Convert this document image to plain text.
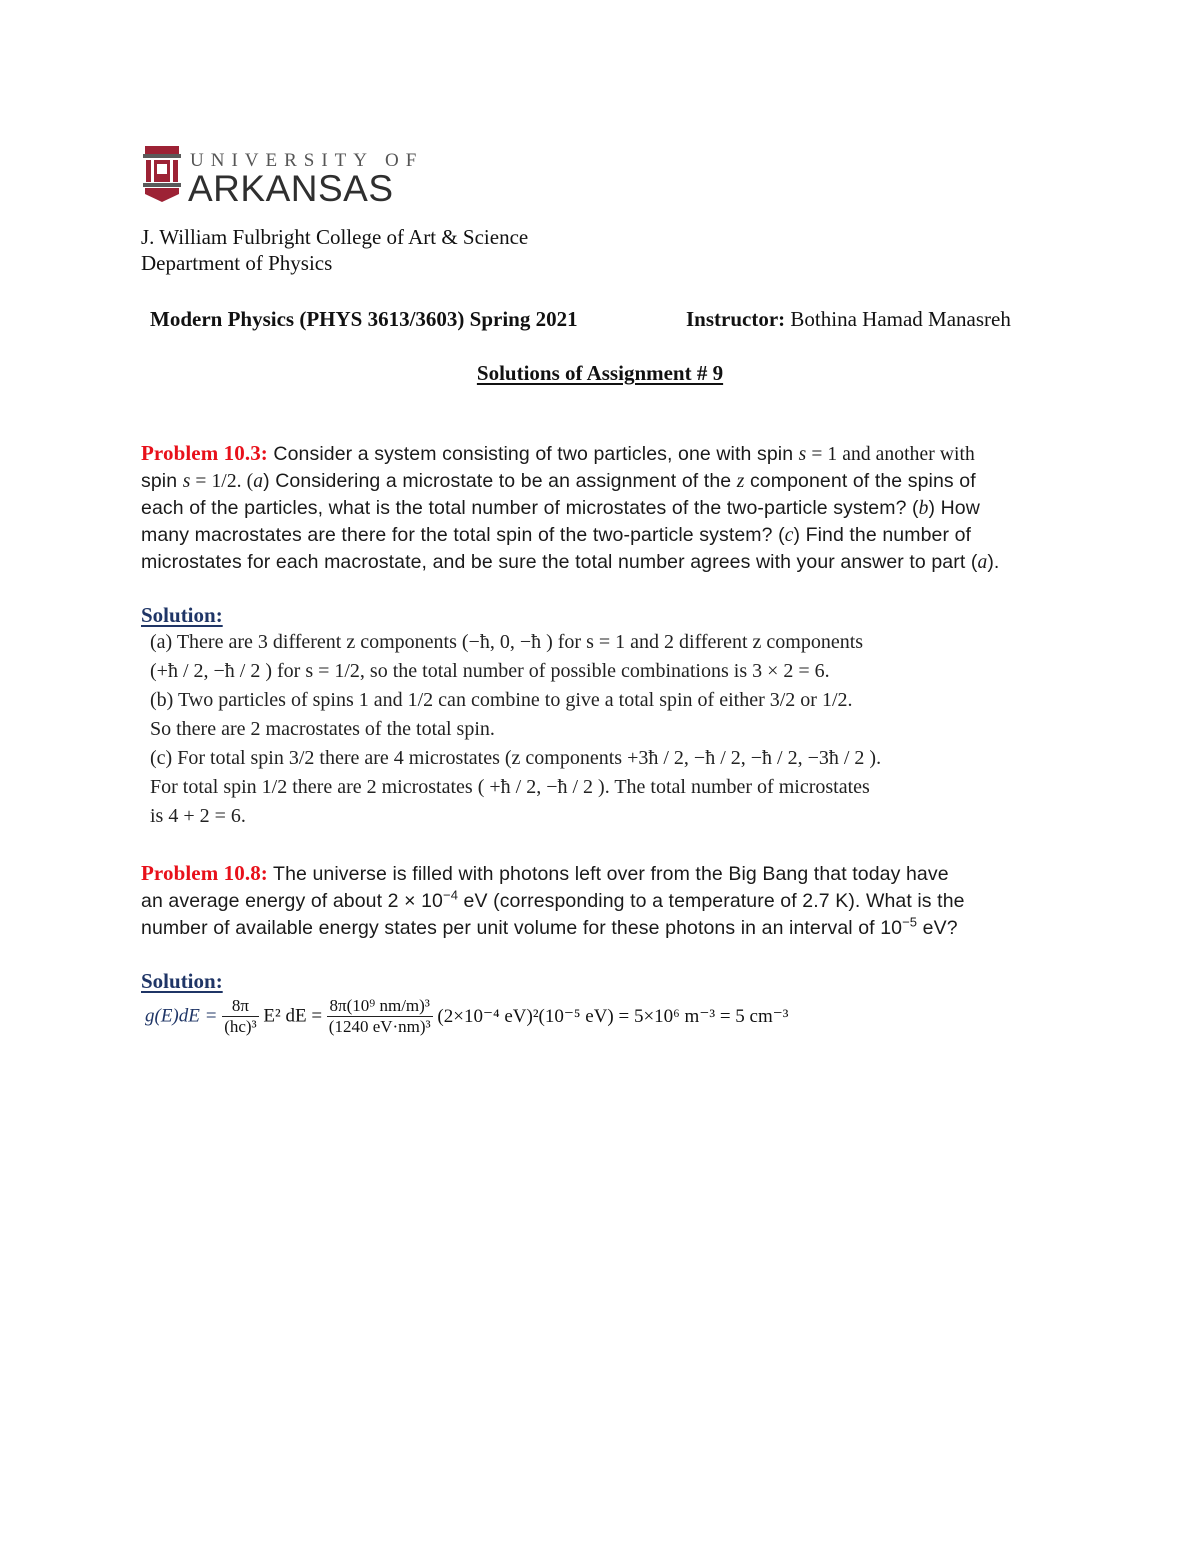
UNIVERSITY OF
ARKANSAS
J. William Fulbright College of Art & Science
Department of Physics
Modern Physics (PHYS 3613/3603) Spring 2021	Instructor: Bothina Hamad Manasreh
Solutions of Assignment # 9
Problem 10.3: Consider a system consisting of two particles, one with spin s = 1 and another with
spin s = 1/2. (a) Considering a microstate to be an assignment of the z component of the spins of
each of the particles, what is the total number of microstates of the two-particle system? (b) How
many macrostates are there for the total spin of the two-particle system? (c) Find the number of
microstates for each macrostate, and be sure the total number agrees with your answer to part (a).
Solution:
(a) There are 3 different z components (−ħ, 0, −ħ ) for s = 1 and 2 different z components
(+ħ / 2, −ħ / 2 ) for s = 1/2, so the total number of possible combinations is 3 × 2 = 6.
(b) Two particles of spins 1 and 1/2 can combine to give a total spin of either 3/2 or 1/2.
So there are 2 macrostates of the total spin.
(c) For total spin 3/2 there are 4 microstates (z components +3ħ / 2, −ħ / 2, −ħ / 2, −3ħ / 2 ).
For total spin 1/2 there are 2 microstates ( +ħ / 2, −ħ / 2 ). The total number of microstates
is 4 + 2 = 6.
Problem 10.8: The universe is filled with photons left over from the Big Bang that today have
an average energy of about $2 \times 10^{-4}$ eV (corresponding to a temperature of 2.7 K). What is the
number of available energy states per unit volume for these photons in an interval of $10^{-5}$ eV?
Solution:
$g(E)dE = \frac{8\pi}{\text{(hc)³}} E^2$ dE = $\frac{\text{8π(10⁹ nm/m)³}}{\text{(1240 eV·nm)³}} (2\times 10^{-4}$ eV)²(10⁻⁵ eV) = 5×10⁶ m⁻³ = 5 cm⁻³
